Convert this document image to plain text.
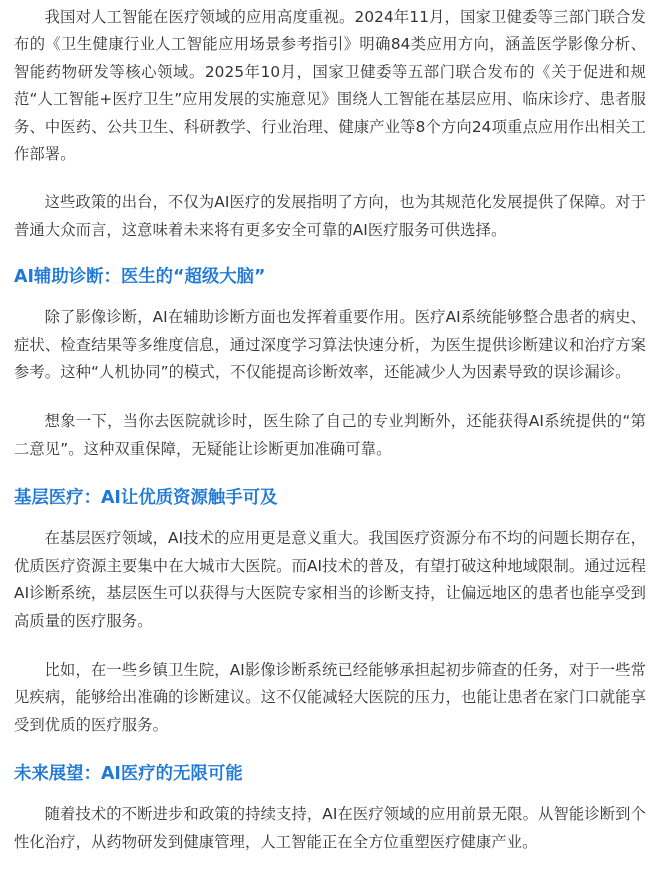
我国对人工智能在医疗领域的应用高度重视。2024年11月，国家卫健委等三部门联合发布的《卫生健康行业人工智能应用场景参考指引》明确84类应用方向，涵盖医学影像分析、智能药物研发等核心领域。2025年10月，国家卫健委等五部门联合发布的《关于促进和规范“人工智能+医疗卫生”应用发展的实施意见》围绕人工智能在基层应用、临床诊疗、患者服务、中医药、公共卫生、科研教学、行业治理、健康产业等8个方向24项重点应用作出相关工作部署。

这些政策的出台，不仅为AI医疗的发展指明了方向，也为其规范化发展提供了保障。对于普通大众而言，这意味着未来将有更多安全可靠的AI医疗服务可供选择。

AI辅助诊断：医生的“超级大脑”

除了影像诊断，AI在辅助诊断方面也发挥着重要作用。医疗AI系统能够整合患者的病史、症状、检查结果等多维度信息，通过深度学习算法快速分析，为医生提供诊断建议和治疗方案参考。这种“人机协同”的模式，不仅能提高诊断效率，还能减少人为因素导致的误诊漏诊。

想象一下，当你去医院就诊时，医生除了自己的专业判断外，还能获得AI系统提供的“第二意见”。这种双重保障，无疑能让诊断更加准确可靠。

基层医疗：AI让优质资源触手可及

在基层医疗领域，AI技术的应用更是意义重大。我国医疗资源分布不均的问题长期存在，优质医疗资源主要集中在大城市大医院。而AI技术的普及，有望打破这种地域限制。通过远程AI诊断系统，基层医生可以获得与大医院专家相当的诊断支持，让偏远地区的患者也能享受到高质量的医疗服务。

比如，在一些乡镇卫生院，AI影像诊断系统已经能够承担起初步筛查的任务，对于一些常见疾病，能够给出准确的诊断建议。这不仅能减轻大医院的压力，也能让患者在家门口就能享受到优质的医疗服务。

未来展望：AI医疗的无限可能

随着技术的不断进步和政策的持续支持，AI在医疗领域的应用前景无限。从智能诊断到个性化治疗，从药物研发到健康管理，人工智能正在全方位重塑医疗健康产业。
